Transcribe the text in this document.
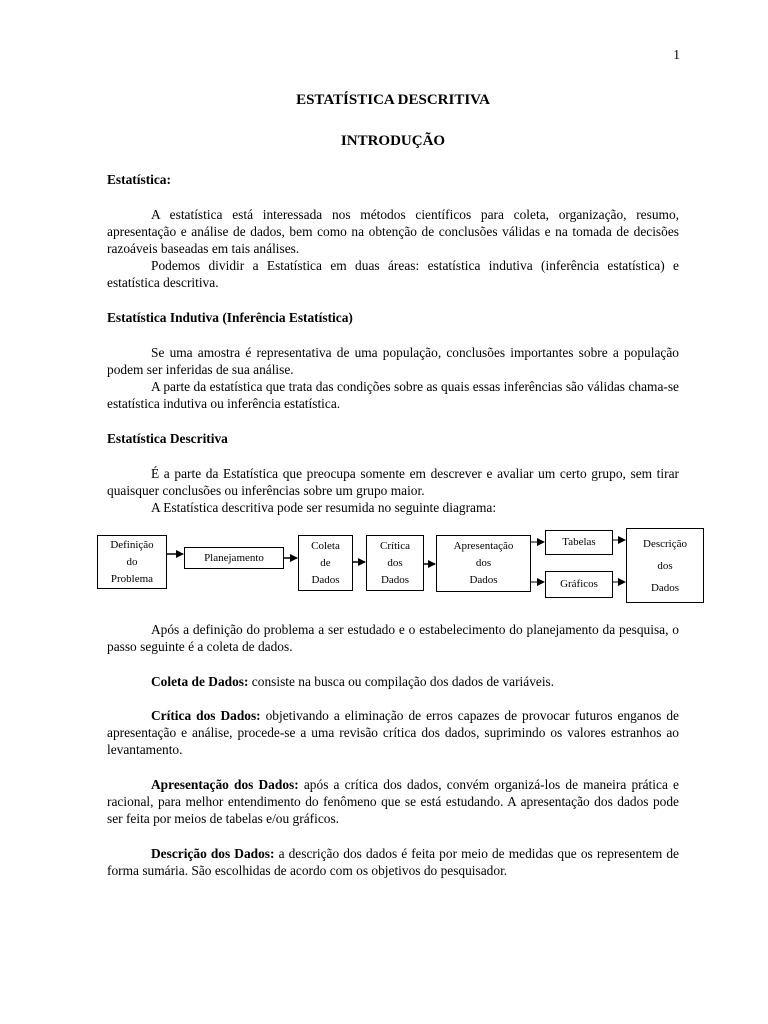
1
ESTATÍSTICA DESCRITIVA
INTRODUÇÃO
Estatística:
A estatística está interessada nos métodos científicos para coleta, organização, resumo, apresentação e análise de dados, bem como na obtenção de conclusões válidas e na tomada de decisões razoáveis baseadas em tais análises.
Podemos dividir a Estatística em duas áreas: estatística indutiva (inferência estatística) e estatística descritiva.
Estatística Indutiva (Inferência Estatística)
Se uma amostra é representativa de uma população, conclusões importantes sobre a população podem ser inferidas de sua análise.
A parte da estatística que trata das condições sobre as quais essas inferências são válidas chama-se estatística indutiva ou inferência estatística.
Estatística Descritiva
É a parte da Estatística que preocupa somente em descrever e avaliar um certo grupo, sem tirar quaisquer conclusões ou inferências sobre um grupo maior.
A Estatística descritiva pode ser resumida no seguinte diagrama:
Definição
do
Problema
Planejamento
Coleta
de
Dados
Crítica
dos
Dados
Apresentação
dos
Dados
Tabelas
Gráficos
Descrição
dos
Dados
Após a definição do problema a ser estudado e o estabelecimento do planejamento da pesquisa, o passo seguinte é a coleta de dados.
Coleta de Dados: consiste na busca ou compilação dos dados de variáveis.
Crítica dos Dados: objetivando a eliminação de erros capazes de provocar futuros enganos de apresentação e análise, procede-se a uma revisão crítica dos dados, suprimindo os valores estranhos ao levantamento.
Apresentação dos Dados: após a crítica dos dados, convém organizá-los de maneira prática e racional, para melhor entendimento do fenômeno que se está estudando. A apresentação dos dados pode ser feita por meios de tabelas e/ou gráficos.
Descrição dos Dados: a descrição dos dados é feita por meio de medidas que os representem de forma sumária. São escolhidas de acordo com os objetivos do pesquisador.
